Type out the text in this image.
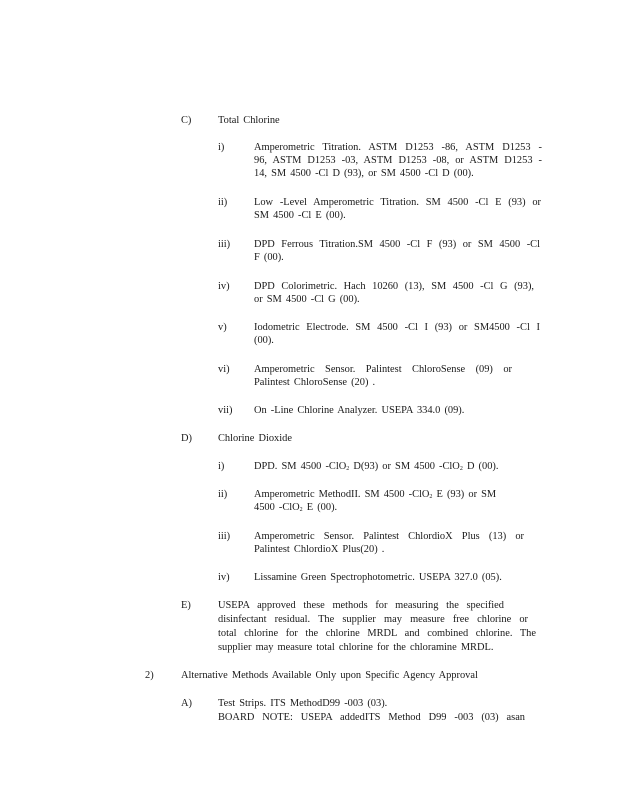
C)	Total Chlorine
i)	Amperometric Titration. ASTM D1253 -86, ASTM D1253 -
96, ASTM D1253 -03, ASTM D1253 -08, or ASTM D1253 -
14, SM 4500 -Cl D (93), or SM 4500 -Cl D (00).
ii)	Low -Level Amperometric Titration. SM 4500 -Cl E (93) or
SM 4500 -Cl E (00).
iii) DPD Ferrous Titration.SM 4500 -Cl F (93) or SM 4500 -Cl
F (00).
iv) DPD Colorimetric. Hach 10260 (13), SM 4500 -Cl G (93),
or SM 4500 -Cl G (00).
v)	Iodometric Electrode. SM 4500 -Cl I (93) or SM4500 -Cl I
(00).
vi) Amperometric Sensor. Palintest ChloroSense (09) or
Palintest ChloroSense (20) .
vii) On -Line Chlorine Analyzer. USEPA 334.0 (09).
D)	Chlorine Dioxide
i)	DPD. SM 4500 -ClO$_2$ D(93) or SM 4500 -ClO$_2$ D (00).
ii)	Amperometric MethodII. SM 4500 -ClO$_2$ E (93) or SM
4500 -ClO$_2$ E (00).
iii) Amperometric Sensor. Palintest ChlordioX Plus (13) or
Palintest ChlordioX Plus(20) .
iv) Lissamine Green Spectrophotometric. USEPA 327.0 (05).
E)	USEPA approved these methods for measuring the specified
disinfectant residual. The supplier may measure free chlorine or
total chlorine for the chlorine MRDL and combined chlorine. The
supplier may measure total chlorine for the chloramine MRDL.
2)	Alternative Methods Available Only upon Specific Agency Approval
A)	Test Strips. ITS MethodD99 -003 (03).
BOARD NOTE: USEPA addedITS Method D99 -003 (03) asan
